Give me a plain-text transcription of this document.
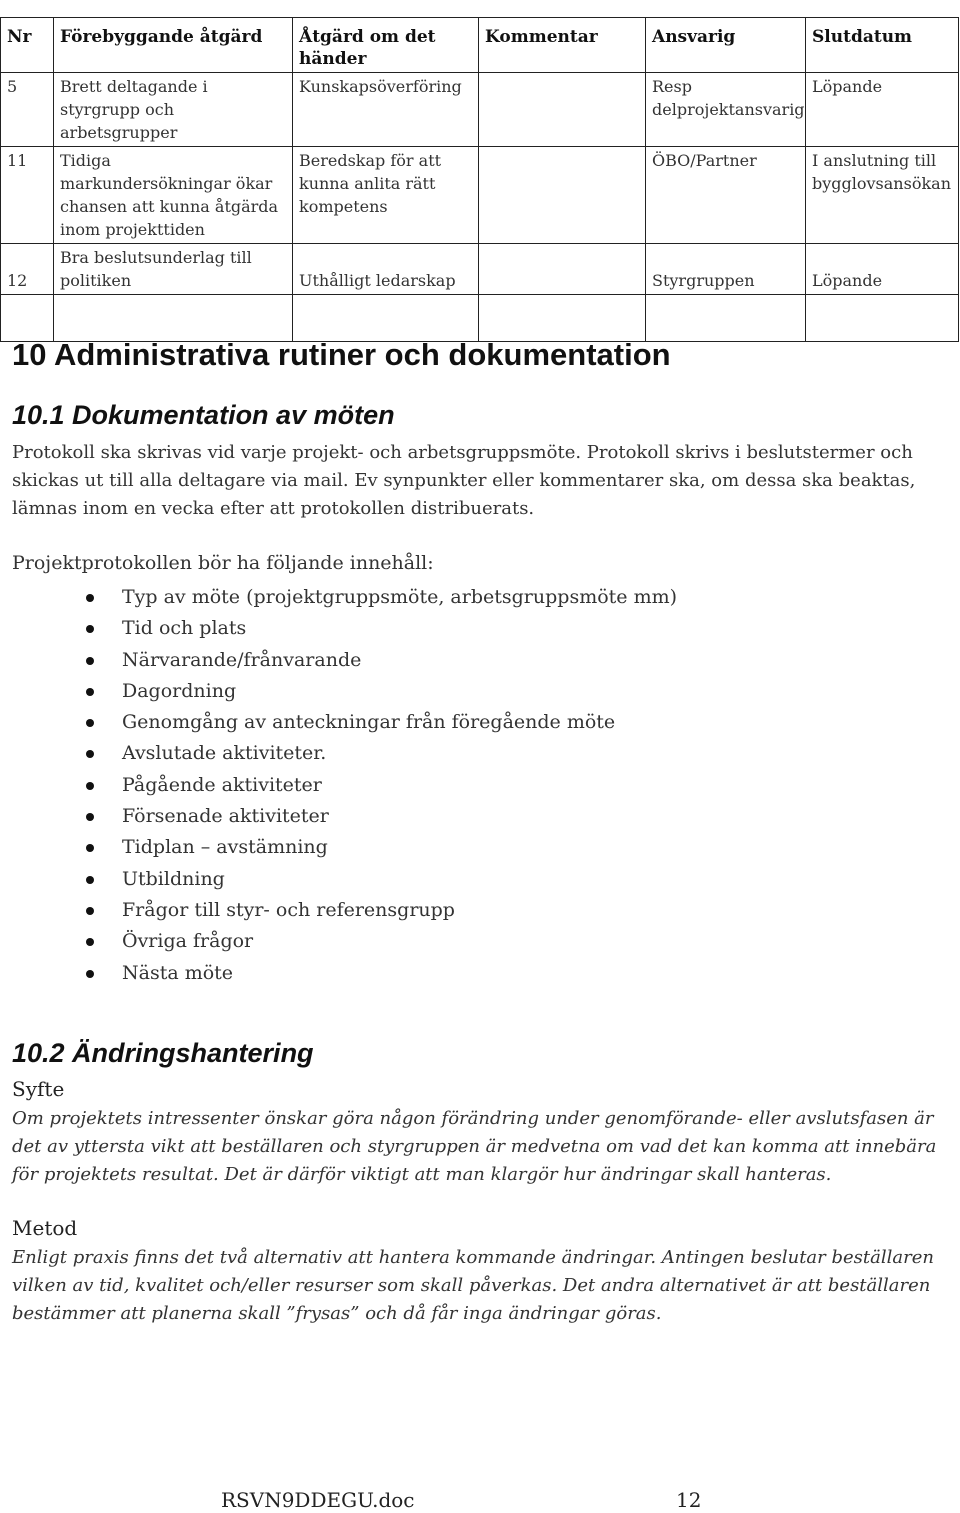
Nr	Förebyggande åtgärd	Åtgärd om det händer	Kommentar	Ansvarig	Slutdatum
5	Brett deltagande i styrgrupp och arbetsgrupper	Kunskapsöverföring		Resp delprojektansvarig	Löpande
11	Tidiga markundersökningar ökar chansen att kunna åtgärda inom projekttiden	Beredskap för att kunna anlita rätt kompetens		ÖBO/Partner	I anslutning till bygglovsansökan
12	Bra beslutsunderlag till politiken	Uthålligt ledarskap		Styrgruppen	Löpande

10 Administrativa rutiner och dokumentation
10.1 Dokumentation av möten

Protokoll ska skrivas vid varje projekt- och arbetsgruppsmöte. Protokoll skrivs i beslutstermer och skickas ut till alla deltagare via mail. Ev synpunkter eller kommentarer ska, om dessa ska beaktas, lämnas inom en vecka efter att protokollen distribuerats.

Projektprotokollen bör ha följande innehåll:

Typ av möte (projektgruppsmöte, arbetsgruppsmöte mm)
Tid och plats
Närvarande/frånvarande
Dagordning
Genomgång av anteckningar från föregående möte
Avslutade aktiviteter.
Pågående aktiviteter
Försenade aktiviteter
Tidplan – avstämning
Utbildning
Frågor till styr- och referensgrupp
Övriga frågor
Nästa möte
10.2 Ändringshantering

Syfte

Om projektets intressenter önskar göra någon förändring under genomförande- eller avslutsfasen är det av yttersta vikt att beställaren och styrgruppen är medvetna om vad det kan komma att innebära för projektets resultat. Det är därför viktigt att man klargör hur ändringar skall hanteras.

Metod

Enligt praxis finns det två alternativ att hantera kommande ändringar. Antingen beslutar beställaren vilken av tid, kvalitet och/eller resurser som skall påverkas. Det andra alternativet är att beställaren bestämmer att planerna skall ”frysas” och då får inga ändringar göras.

RSVN9DDEGU.doc	12
